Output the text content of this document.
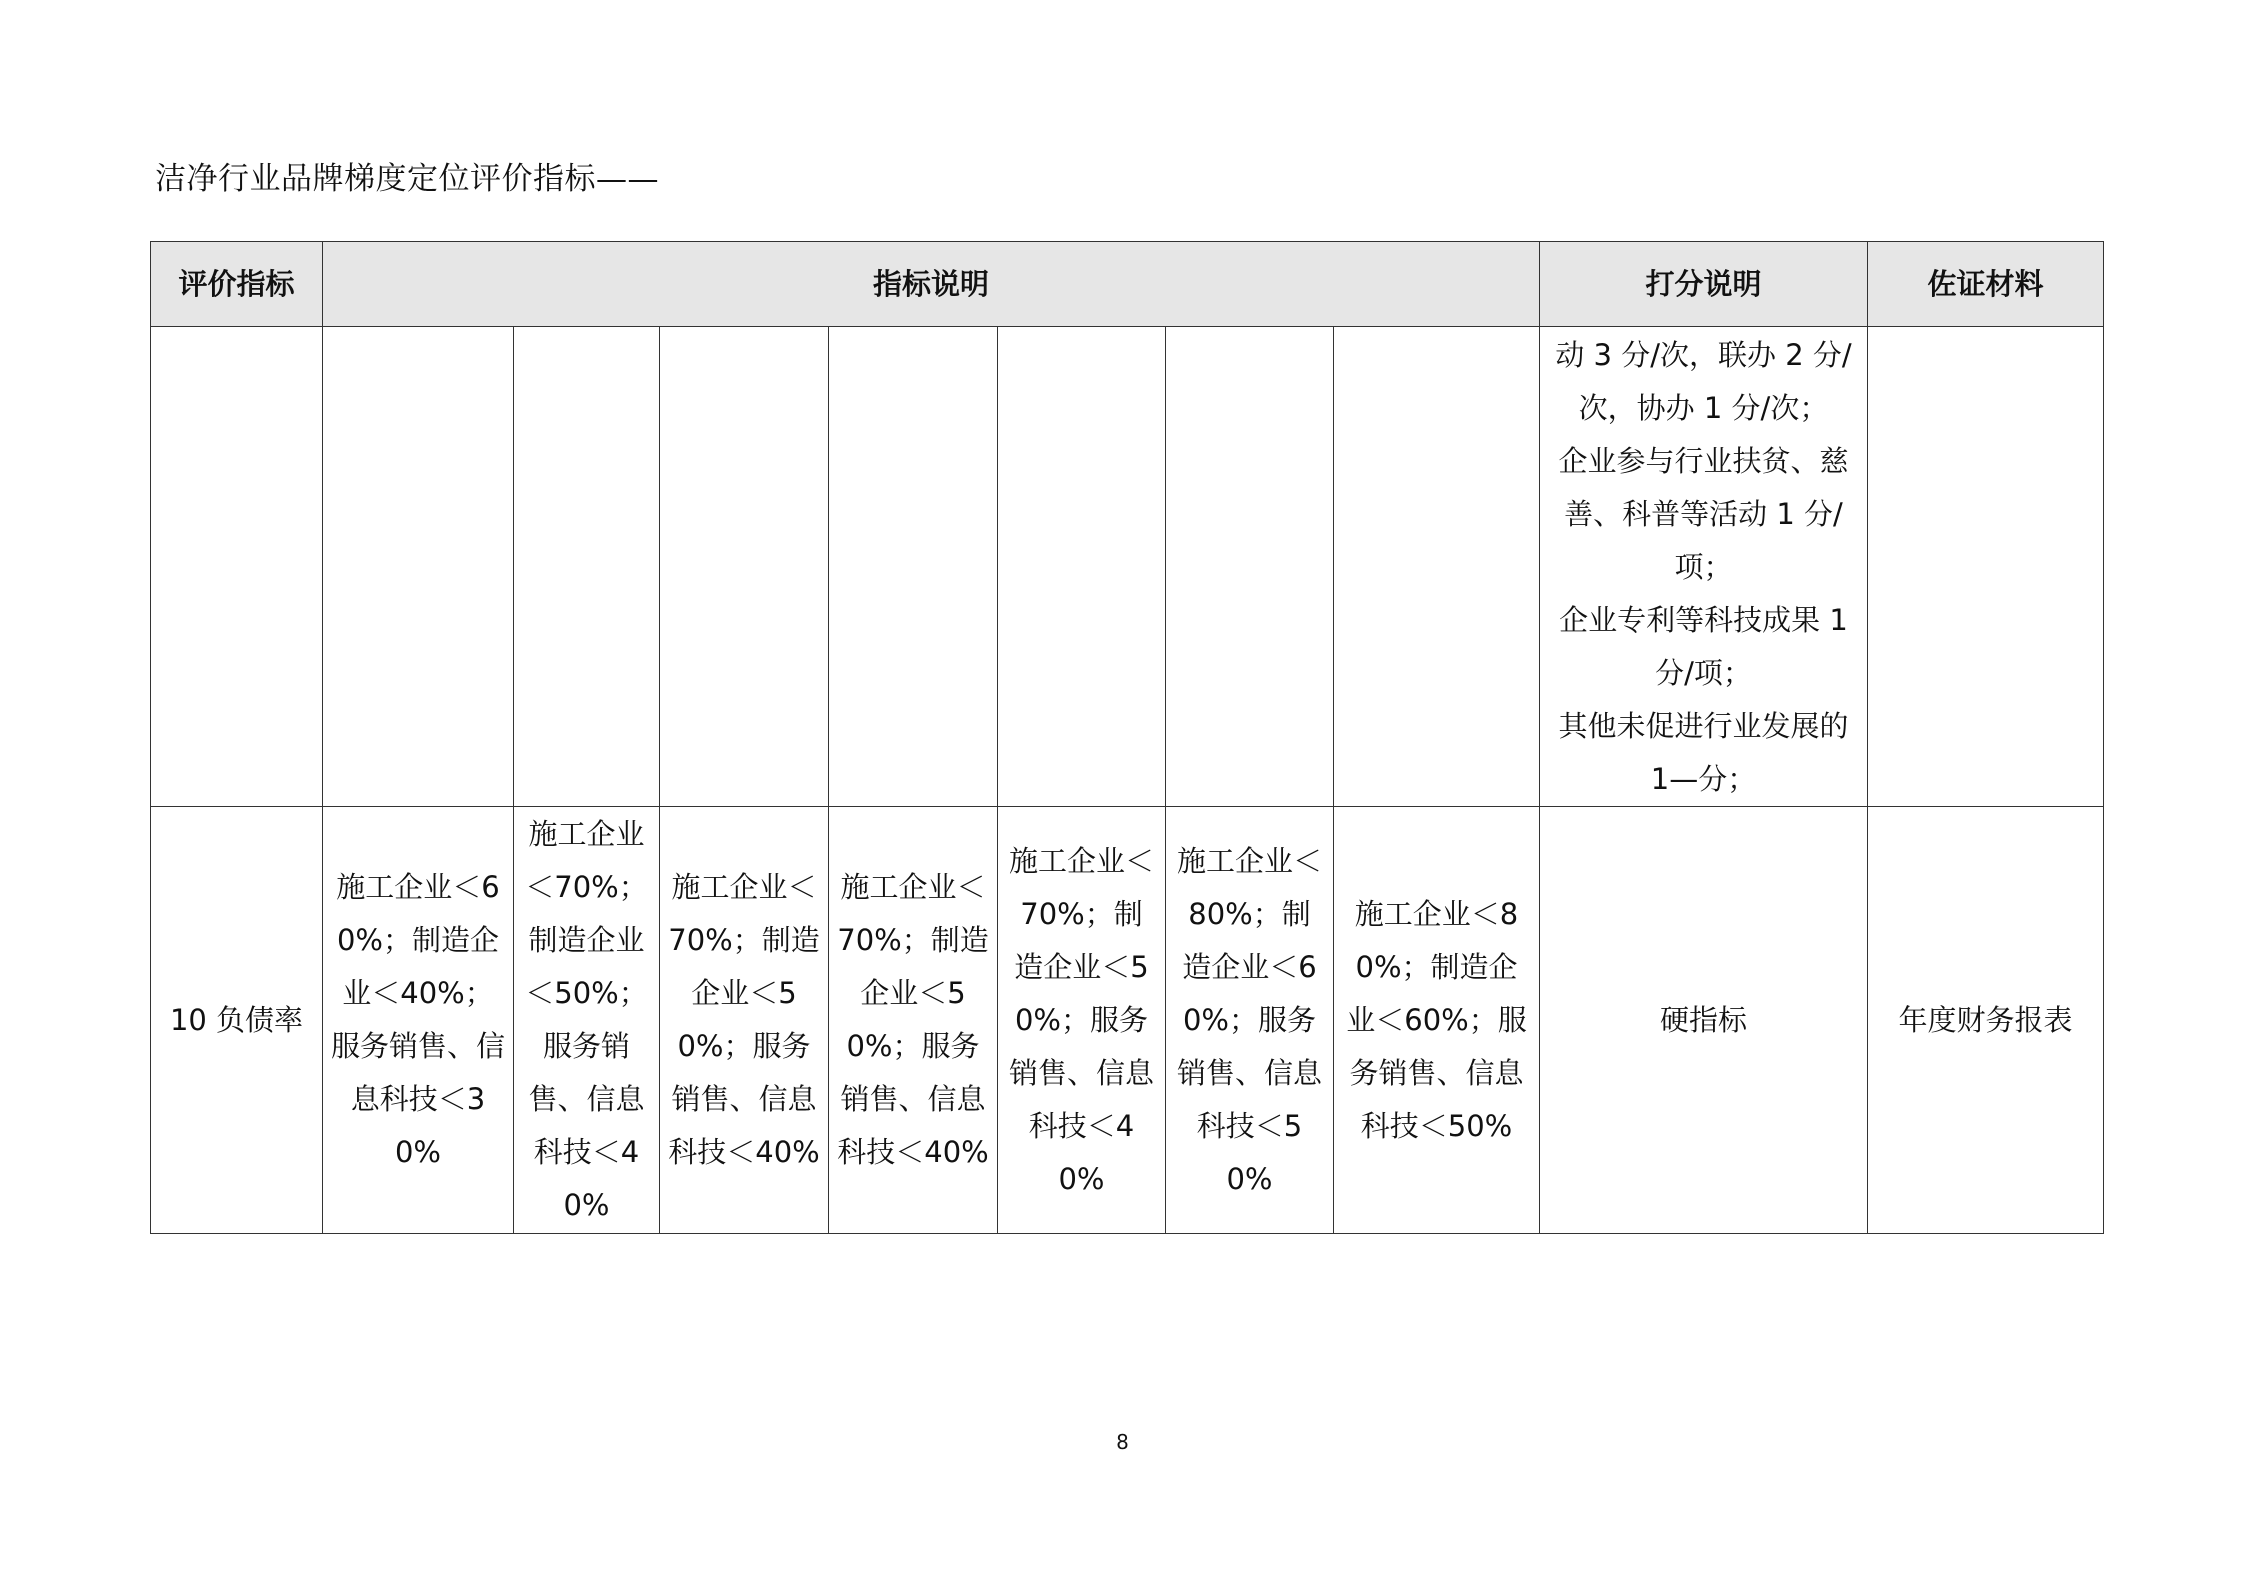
洁净行业品牌梯度定位评价指标——
评价指标	指标说明							打分说明	佐证材料

								动 3 分/次，联办 2 分/次，协办 1 分/次；
企业参与行业扶贫、慈善、科普等活动 1 分/项；
企业专利等科技成果 1 分/项；
其他未促进行业发展的 1—分；	

10 负债率	施工企业＜60%；制造企业＜40%；服务销售、信息科技＜30%	施工企业＜70%；制造企业＜50%；服务销售、信息科技＜40%	施工企业＜70%；制造企业＜50%；服务销售、信息科技＜40%	施工企业＜70%；制造企业＜50%；服务销售、信息科技＜40%	施工企业＜70%；制造企业＜50%；服务销售、信息科技＜40%	施工企业＜80%；制造企业＜60%；服务销售、信息科技＜50%	施工企业＜80%；制造企业＜60%；服务销售、信息科技＜50%	硬指标	年度财务报表
8
